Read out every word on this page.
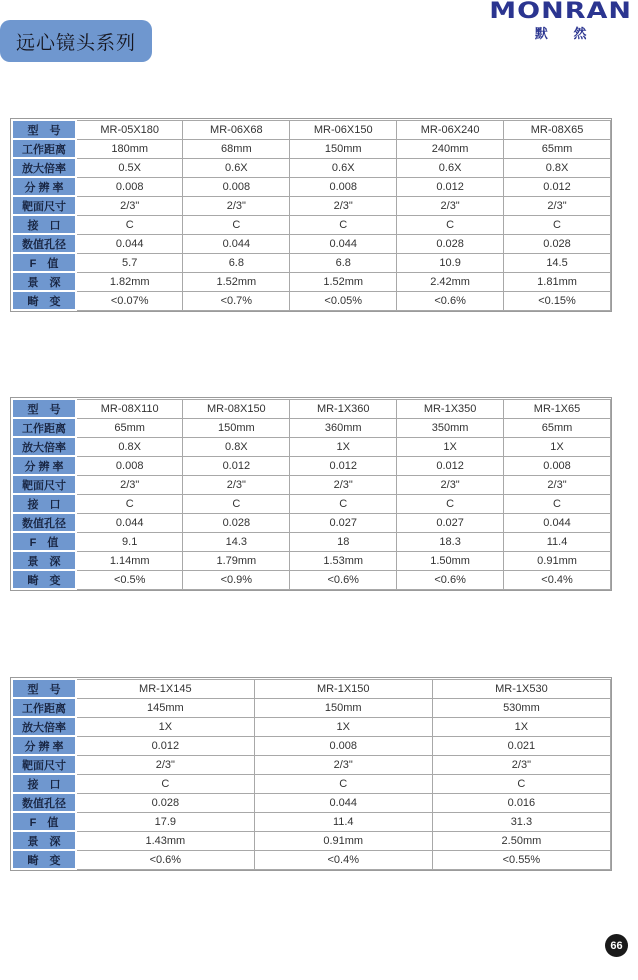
远心镜头系列
MONRAN
默 然
型　号	MR-05X180	MR-06X68	MR-06X150	MR-06X240	MR-08X65
工作距离	180mm	68mm	150mm	240mm	65mm
放大倍率	0.5X	0.6X	0.6X	0.6X	0.8X
分 辨 率	0.008	0.008	0.008	0.012	0.012
靶面尺寸	2/3"	2/3"	2/3"	2/3"	2/3"
接　口	C	C	C	C	C
数值孔径	0.044	0.044	0.044	0.028	0.028
F　值	5.7	6.8	6.8	10.9	14.5
景　深	1.82mm	1.52mm	1.52mm	2.42mm	1.81mm
畸　变	<0.07%	<0.7%	<0.05%	<0.6%	<0.15%
型　号	MR-08X110	MR-08X150	MR-1X360	MR-1X350	MR-1X65
工作距离	65mm	150mm	360mm	350mm	65mm
放大倍率	0.8X	0.8X	1X	1X	1X
分 辨 率	0.008	0.012	0.012	0.012	0.008
靶面尺寸	2/3"	2/3"	2/3"	2/3"	2/3"
接　口	C	C	C	C	C
数值孔径	0.044	0.028	0.027	0.027	0.044
F　值	9.1	14.3	18	18.3	11.4
景　深	1.14mm	1.79mm	1.53mm	1.50mm	0.91mm
畸　变	<0.5%	<0.9%	<0.6%	<0.6%	<0.4%
型　号	MR-1X145	MR-1X150	MR-1X530
工作距离	145mm	150mm	530mm
放大倍率	1X	1X	1X
分 辨 率	0.012	0.008	0.021
靶面尺寸	2/3"	2/3"	2/3"
接　口	C	C	C
数值孔径	0.028	0.044	0.016
F　值	17.9	11.4	31.3
景　深	1.43mm	0.91mm	2.50mm
畸　变	<0.6%	<0.4%	<0.55%
66
